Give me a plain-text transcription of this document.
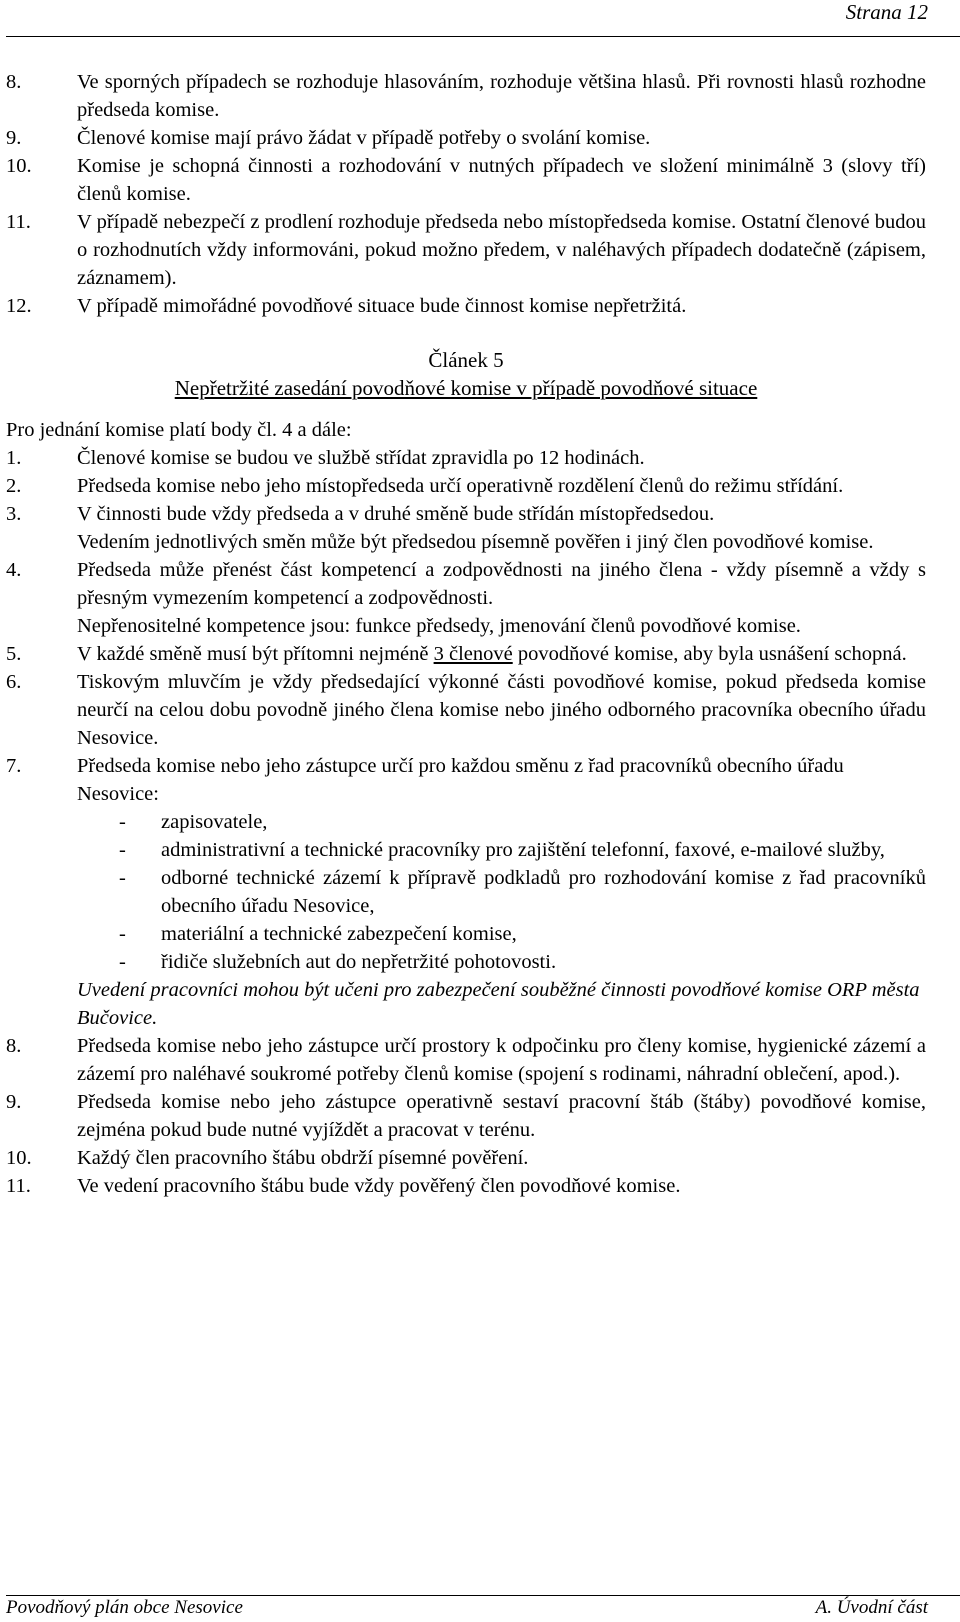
Strana 12
8.	Ve sporných případech se rozhoduje hlasováním, rozhoduje většina hlasů. Při rovnosti hlasů rozhodne předseda komise.
9.	Členové komise mají právo žádat v případě potřeby o svolání komise.
10.	Komise je schopná činnosti a rozhodování v nutných případech ve složení minimálně 3 (slovy tří) členů komise.
11.	V případě nebezpečí z prodlení rozhoduje předseda nebo místopředseda komise. Ostatní členové budou o rozhodnutích vždy informováni, pokud možno předem, v naléhavých případech dodatečně (zápisem, záznamem).
12.	V případě mimořádné povodňové situace bude činnost komise nepřetržitá.
Článek 5
Nepřetržité zasedání povodňové komise v případě povodňové situace
Pro jednání komise platí body čl. 4 a dále:
1.	Členové komise se budou ve službě střídat zpravidla po 12 hodinách.
2.	Předseda komise nebo jeho místopředseda určí operativně rozdělení členů do režimu střídání.
3.	V činnosti bude vždy předseda a v druhé směně bude střídán místopředsedou.

Vedením jednotlivých směn může být předsedou písemně pověřen i jiný člen povodňové komise.

4.	Předseda může přenést část kompetencí a zodpovědnosti na jiného člena - vždy písemně a vždy s přesným vymezením kompetencí a zodpovědnosti.

Nepřenositelné kompetence jsou: funkce předsedy, jmenování členů povodňové komise.

5.	V každé směně musí být přítomni nejméně 3 členové povodňové komise, aby byla usnášení schopná.
6.	Tiskovým mluvčím je vždy předsedající výkonné části povodňové komise, pokud předseda komise neurčí na celou dobu povodně jiného člena komise nebo jiného odborného pracovníka obecního úřadu Nesovice.
7.	Předseda komise nebo jeho zástupce určí pro každou směnu z řad pracovníků obecního úřadu Nesovice:

-	zapisovatele,
-	administrativní a technické pracovníky pro zajištění telefonní, faxové, e-mailové služby,
-	odborné technické zázemí k přípravě podkladů pro rozhodování komise z řad pracovníků obecního úřadu Nesovice,
-	materiální a technické zabezpečení komise,
-	řidiče služebních aut do nepřetržité pohotovosti.

Uvedení pracovníci mohou být učeni pro zabezpečení souběžné činnosti povodňové komise ORP města Bučovice.

8.	Předseda komise nebo jeho zástupce určí prostory k odpočinku pro členy komise, hygienické zázemí a zázemí pro naléhavé soukromé potřeby členů komise (spojení s rodinami, náhradní oblečení, apod.).
9.	Předseda komise nebo jeho zástupce operativně sestaví pracovní štáb (štáby) povodňové komise, zejména pokud bude nutné vyjíždět a pracovat v terénu.
10.	Každý člen pracovního štábu obdrží písemné pověření.
11.	Ve vedení pracovního štábu bude vždy pověřený člen povodňové komise.
Povodňový plán obce Nesovice	A. Úvodní část
